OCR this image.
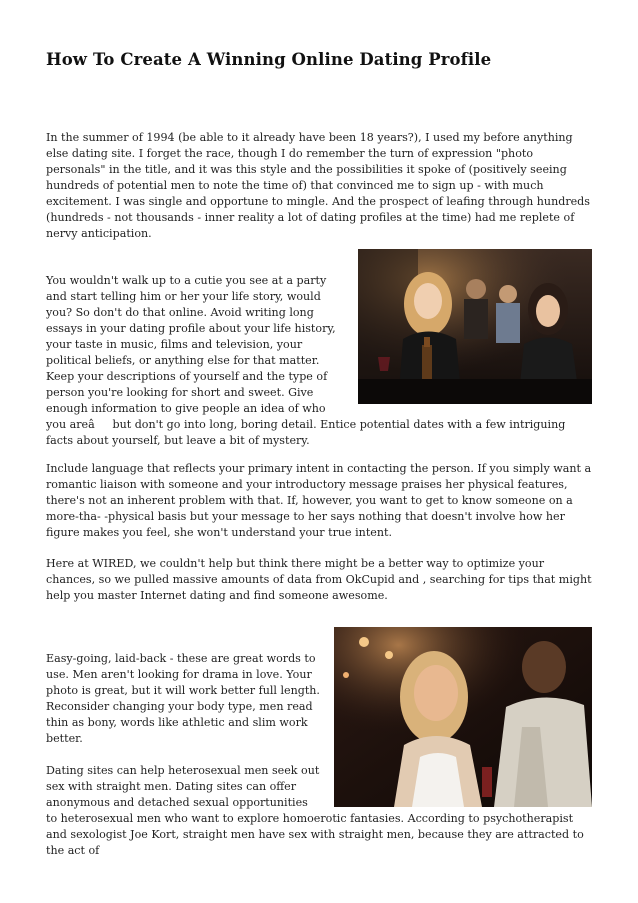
How To Create A Winning Online Dating Profile

In the summer of 1994 (be able to it already have been 18 years?), I used my before anything else dating site. I forget the race, though I do remember the turn of expression "photo personals" in the title, and it was this style and the possibilities it spoke of (positively seeing hundreds of potential men to note the time of) that convinced me to sign up - with much excitement. I was single and opportune to mingle. And the prospect of leafing through hundreds (hundreds - not thousands - inner reality a lot of dating profiles at the time) had me replete of nervy anticipation.

You wouldn't walk up to a cutie you see at a party and start telling him or her your life story, would you? So don't do that online. Avoid writing long essays in your dating profile about your life history, your taste in music, films and television, your political beliefs, or anything else for that matter. Keep your descriptions of yourself and the type of person you're looking for short and sweet. Give enough information to give people an idea of who you areâbut don't go into long, boring detail. Entice potential dates with a few intriguing facts about yourself, but leave a bit of mystery.

Include language that reflects your primary intent in contacting the person. If you simply want a romantic liaison with someone and your introductory message praises her physical features, there's not an inherent problem with that. If, however, you want to get to know someone on a more-tha- -physical basis but your message to her says nothing that doesn't involve how her figure makes you feel, she won't understand your true intent.

Here at WIRED, we couldn't help but think there might be a better way to optimize your chances, so we pulled massive amounts of data from OkCupid and , searching for tips that might help you master Internet dating and find someone awesome.

Easy-going, laid-back - these are great words to use. Men aren't looking for drama in love. Your photo is great, but it will work better full length. Reconsider changing your body type, men read thin as bony, words like athletic and slim work better.
Dating sites can help heterosexual men seek out sex with straight men. Dating sites can offer anonymous and detached sexual opportunities to heterosexual men who want to explore homoerotic fantasies. According to psychotherapist and sexologist Joe Kort, straight men have sex with straight men, because they are attracted to the act of
